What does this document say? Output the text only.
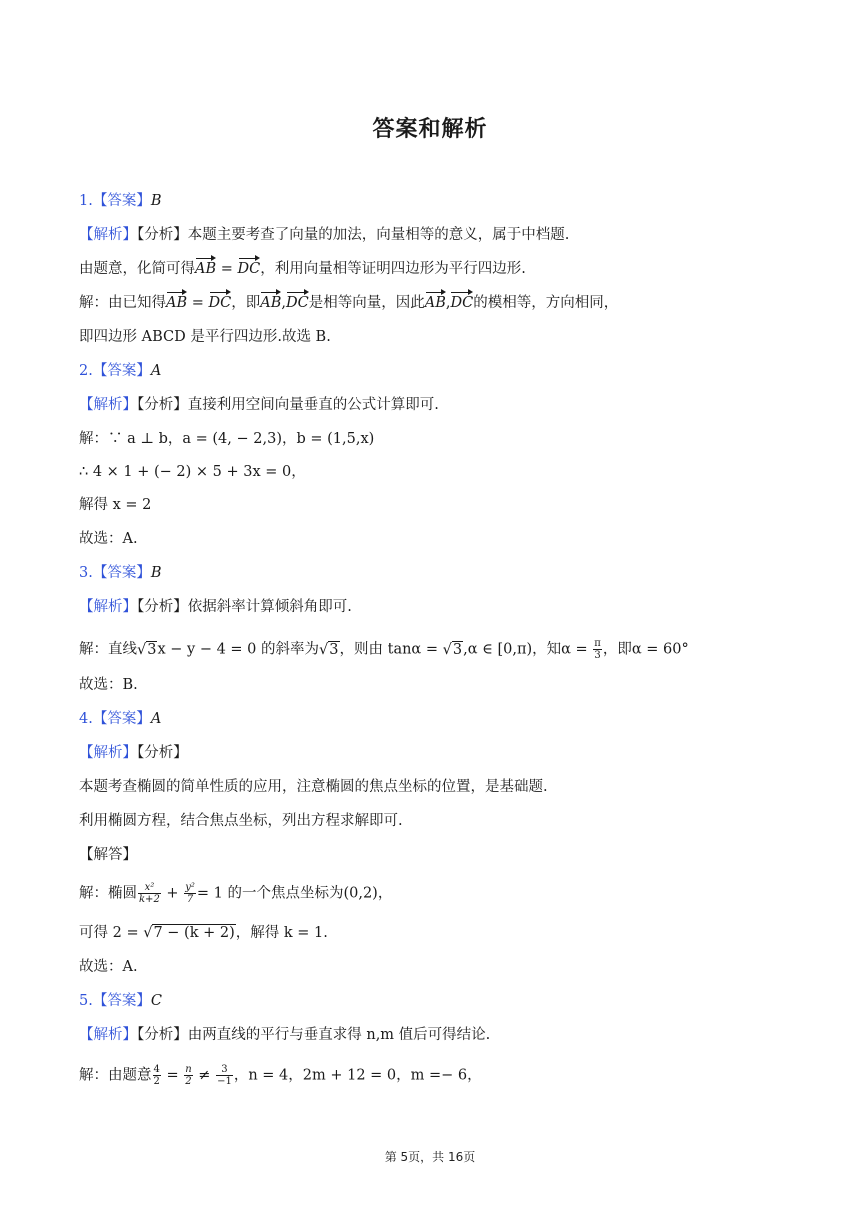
答案和解析
1.【答案】B
【解析】【分析】本题主要考查了向量的加法，向量相等的意义，属于中档题.
由题意，化简可得AB = DC，利用向量相等证明四边形为平行四边形.
解：由已知得AB = DC，即AB,DC是相等向量，因此AB,DC的模相等，方向相同，
即四边形 ABCD 是平行四边形.故选 B.
2.【答案】A
【解析】【分析】直接利用空间向量垂直的公式计算即可.
解：∵ a ⊥ b，a = (4, − 2,3)，b = (1,5,x)
∴ 4 × 1 + (− 2) × 5 + 3x = 0，
解得 x = 2
故选：A.
3.【答案】B
【解析】【分析】依据斜率计算倾斜角即可.
解：直线√3x − y − 4 = 0 的斜率为√3，则由 tanα = √3,α ∈ [0,π)，知$\alpha = \frac{\pi}{3}$ ，即α = 60°
故选：B.
4.【答案】A
【解析】【分析】
本题考查椭圆的简单性质的应用，注意椭圆的焦点坐标的位置，是基础题.
利用椭圆方程，结合焦点坐标，列出方程求解即可.
【解答】
解：椭圆 $\frac{\text{x²}}{k+2} + \frac{\text{y²}}{7} = 1$ 的一个焦点坐标为(0,2)，
可得 2 = √7 − (k + 2)，解得 k = 1.
故选：A.
5.【答案】C
【解析】【分析】由两直线的平行与垂直求得 n,m 值后可得结论.
解：由题意 $\frac{4}{2} = \frac{n}{2} \ne \frac{3}{-1}$ ，n = 4，2m + 12 = 0，m =− 6，
第 5页，共 16页
